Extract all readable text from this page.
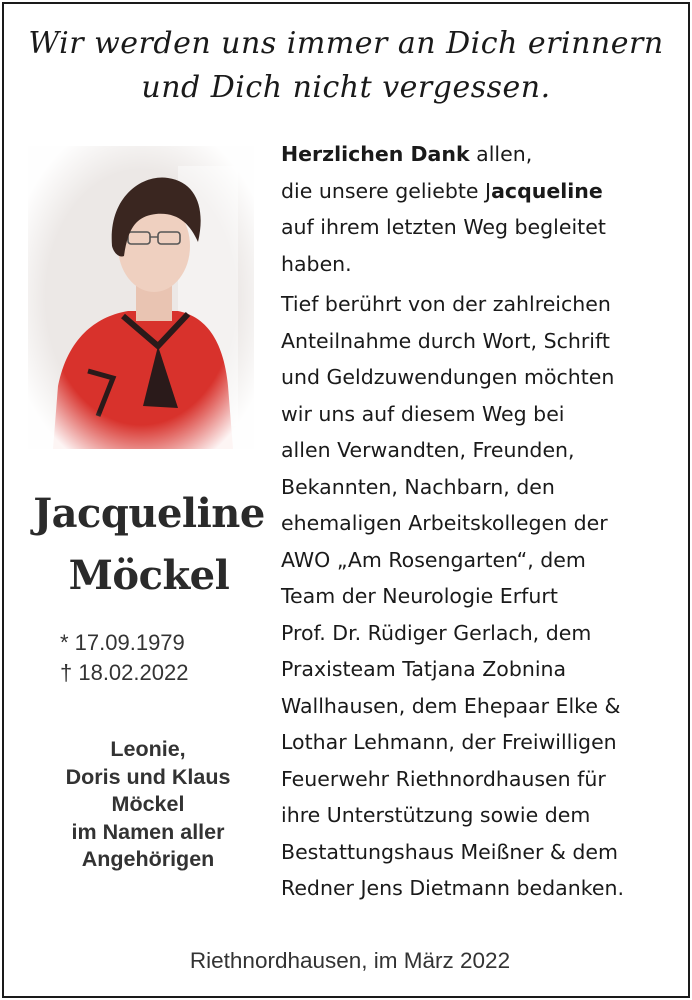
Wir werden uns immer an Dich erinnern
und Dich nicht vergessen.
Jacqueline
Möckel
* 17.09.1979
† 18.02.2022
Leonie,
Doris und Klaus
Möckel
im Namen aller
Angehörigen
Herzlichen Dank allen,
die unsere geliebte Jacqueline
auf ihrem letzten Weg begleitet
haben.
Tief berührt von der zahlreichen
Anteilnahme durch Wort, Schrift
und Geldzuwendungen möchten
wir uns auf diesem Weg bei
allen Verwandten, Freunden,
Bekannten, Nachbarn, den
ehemaligen Arbeitskollegen der
AWO „Am Rosengarten“, dem
Team der Neurologie Erfurt
Prof. Dr. Rüdiger Gerlach, dem
Praxisteam Tatjana Zobnina
Wallhausen, dem Ehepaar Elke &
Lothar Lehmann, der Freiwilligen
Feuerwehr Riethnordhausen für
ihre Unterstützung sowie dem
Bestattungshaus Meißner & dem
Redner Jens Dietmann bedanken.
Riethnordhausen, im März 2022
